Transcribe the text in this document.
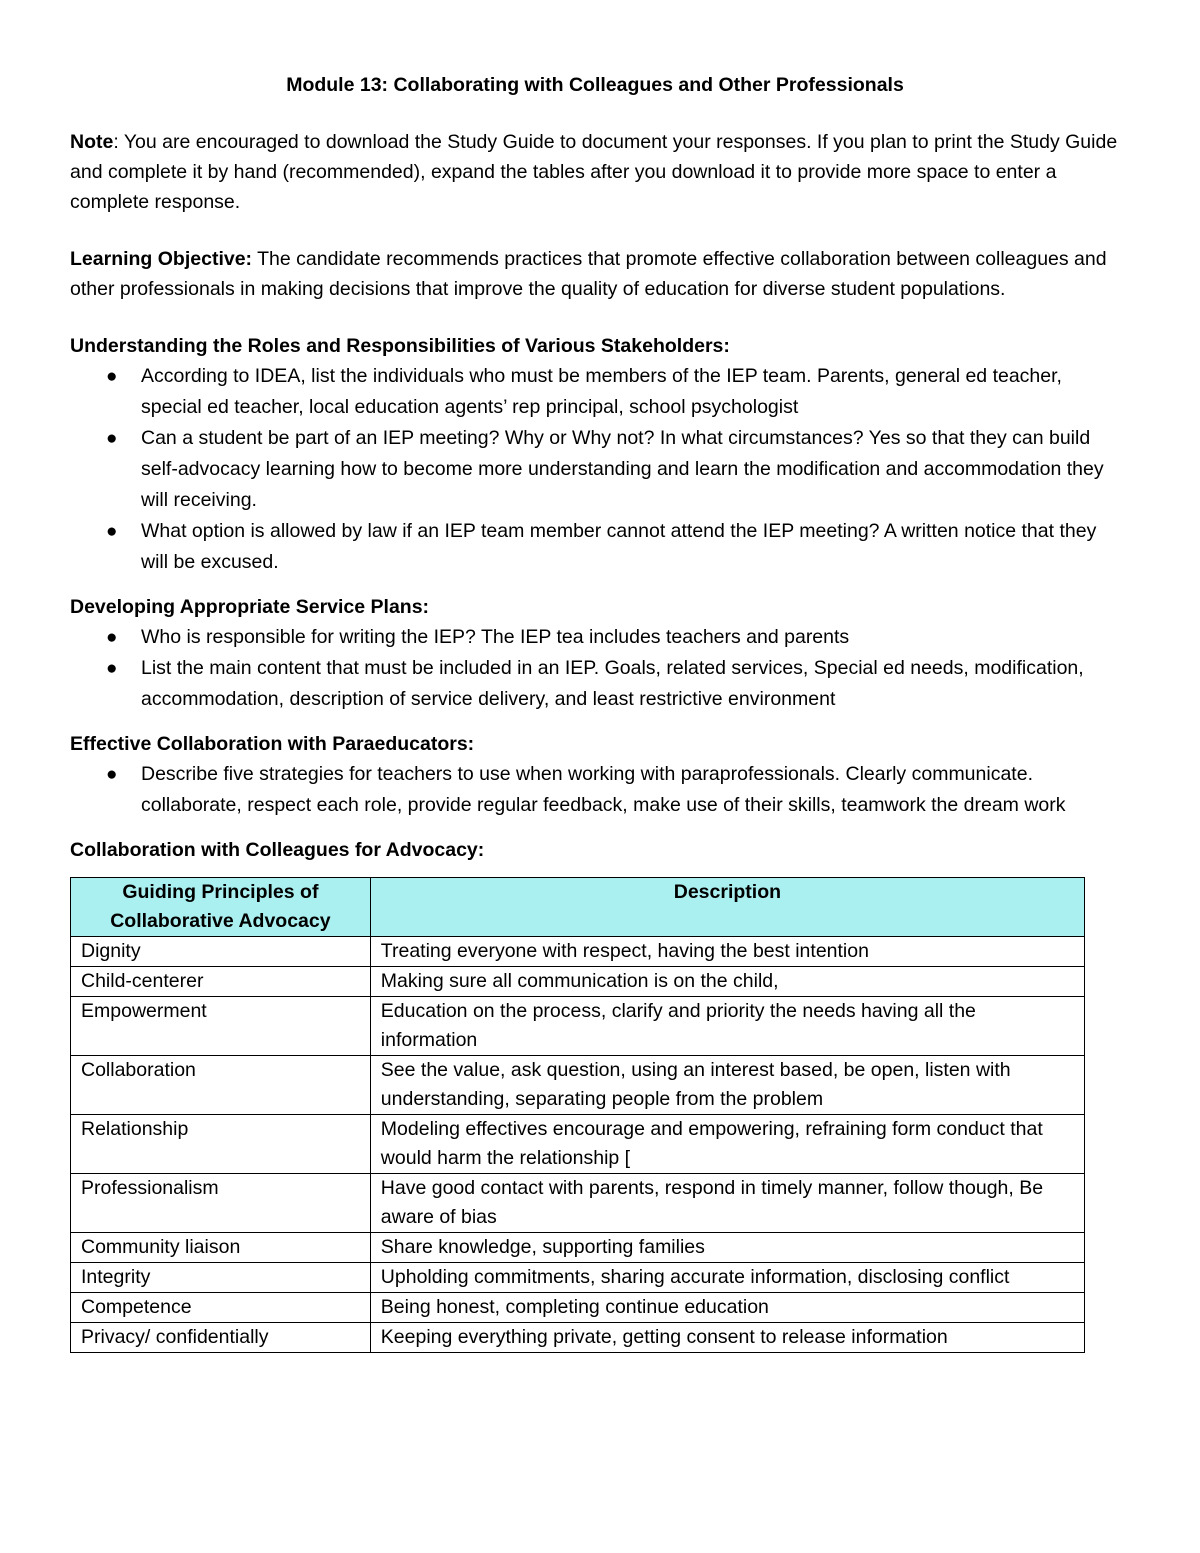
Module 13: Collaborating with Colleagues and Other Professionals

Note: You are encouraged to download the Study Guide to document your responses. If you plan to print the Study Guide and complete it by hand (recommended), expand the tables after you download it to provide more space to enter a complete response.

Learning Objective: The candidate recommends practices that promote effective collaboration between colleagues and other professionals in making decisions that improve the quality of education for diverse student populations.

Understanding the Roles and Responsibilities of Various Stakeholders:

● According to IDEA, list the individuals who must be members of the IEP team. Parents, general ed teacher, special ed teacher, local education agents’ rep principal, school psychologist
● Can a student be part of an IEP meeting? Why or Why not? In what circumstances? Yes so that they can build self-advocacy learning how to become more understanding and learn the modification and accommodation they will receiving.
● What option is allowed by law if an IEP team member cannot attend the IEP meeting? A written notice that they will be excused.

Developing Appropriate Service Plans:

● Who is responsible for writing the IEP? The IEP tea includes teachers and parents
● List the main content that must be included in an IEP. Goals, related services, Special ed needs, modification, accommodation, description of service delivery, and least restrictive environment

Effective Collaboration with Paraeducators:

● Describe five strategies for teachers to use when working with paraprofessionals. Clearly communicate. collaborate, respect each role, provide regular feedback, make use of their skills, teamwork the dream work

Collaboration with Colleagues for Advocacy:

Guiding Principles of Collaborative Advocacy	Description
Dignity	Treating everyone with respect, having the best intention
Child-centerer	Making sure all communication is on the child,
Empowerment	Education on the process, clarify and priority the needs having all the information
Collaboration	See the value, ask question, using an interest based, be open, listen with understanding, separating people from the problem
Relationship	Modeling effectives encourage and empowering, refraining form conduct that would harm the relationship [
Professionalism	Have good contact with parents, respond in timely manner, follow though, Be aware of bias
Community liaison	Share knowledge, supporting families
Integrity	Upholding commitments, sharing accurate information, disclosing conflict
Competence	Being honest, completing continue education
Privacy/ confidentially	Keeping everything private, getting consent to release information
